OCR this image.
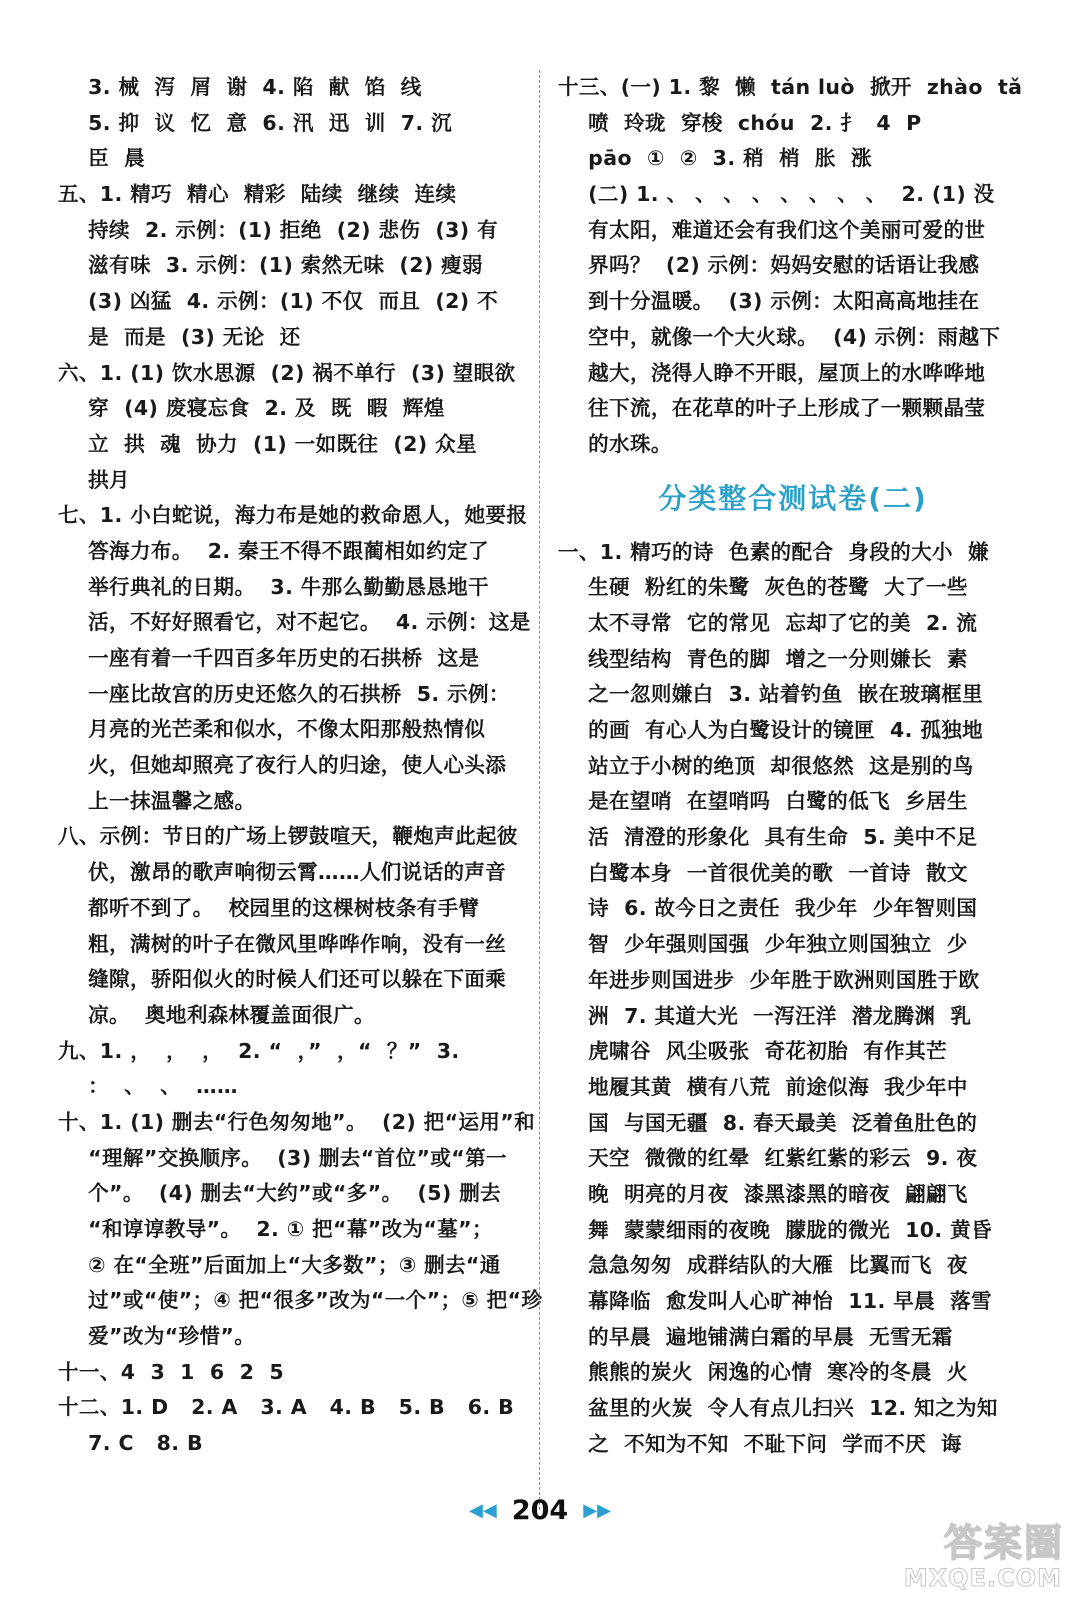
3. 械  泻  屑  谢  4. 陷  献  馅  线
5. 抑  议  忆  意  6. 汛  迅  训  7. 沉
臣  晨
五、1. 精巧  精心  精彩  陆续  继续  连续
持续  2. 示例：(1) 拒绝  (2) 悲伤  (3) 有
滋有味  3. 示例：(1) 索然无味  (2) 瘦弱
(3) 凶猛  4. 示例：(1) 不仅  而且  (2) 不
是  而是  (3) 无论  还
六、1. (1) 饮水思源  (2) 祸不单行  (3) 望眼欲
穿  (4) 废寝忘食  2. 及  既  暇  辉煌
立  拱  魂  协力  (1) 一如既往  (2) 众星
拱月
七、1. 小白蛇说，海力布是她的救命恩人，她要报
答海力布。  2. 秦王不得不跟蔺相如约定了
举行典礼的日期。  3. 牛那么勤勤恳恳地干
活，不好好照看它，对不起它。  4. 示例：这是
一座有着一千四百多年历史的石拱桥  这是
一座比故宫的历史还悠久的石拱桥  5. 示例：
月亮的光芒柔和似水，不像太阳那般热情似
火，但她却照亮了夜行人的归途，使人心头添
上一抹温馨之感。
八、示例：节日的广场上锣鼓喧天，鞭炮声此起彼
伏，激昂的歌声响彻云霄……人们说话的声音
都听不到了。  校园里的这棵树枝条有手臂
粗，满树的叶子在微风里哗哗作响，没有一丝
缝隙，骄阳似火的时候人们还可以躲在下面乘
凉。  奥地利森林覆盖面很广。
九、1. ，  ，  ，  2. “  ，”  ，“  ？”  3.
：  、  、  ……
十、1. (1) 删去“行色匆匆地”。  (2) 把“运用”和
“理解”交换顺序。  (3) 删去“首位”或“第一
个”。  (4) 删去“大约”或“多”。  (5) 删去
“和谆谆教导”。  2. ① 把“幕”改为“墓”；
② 在“全班”后面加上“大多数”；③ 删去“通
过”或“使”；④ 把“很多”改为“一个”；⑤ 把“珍
爱”改为“珍惜”。
十一、4  3  1  6  2  5
十二、1. D   2. A   3. A   4. B   5. B   6. B
7. C   8. B
十三、(一) 1. 黎  懒  tán luò  掀开  zhào  tǎ
喷  玲珑  穿梭  chóu  2. 扌  4  P
pāo  ①  ②  3. 稍  梢  胀  涨
(二) 1. 、 、 、 、 、 、 、 、  2. (1) 没
有太阳，难道还会有我们这个美丽可爱的世
界吗？  (2) 示例：妈妈安慰的话语让我感
到十分温暖。  (3) 示例：太阳高高地挂在
空中，就像一个大火球。  (4) 示例：雨越下
越大，浇得人睁不开眼，屋顶上的水哗哗地
往下流，在花草的叶子上形成了一颗颗晶莹
的水珠。
分类整合测试卷(二)
一、1. 精巧的诗  色素的配合  身段的大小  嫌
生硬  粉红的朱鹭  灰色的苍鹭  大了一些
太不寻常  它的常见  忘却了它的美  2. 流
线型结构  青色的脚  增之一分则嫌长  素
之一忽则嫌白  3. 站着钓鱼  嵌在玻璃框里
的画  有心人为白鹭设计的镜匣  4. 孤独地
站立于小树的绝顶  却很悠然  这是别的鸟
是在望哨  在望哨吗  白鹭的低飞  乡居生
活  清澄的形象化  具有生命  5. 美中不足
白鹭本身  一首很优美的歌  一首诗  散文
诗  6. 故今日之责任  我少年  少年智则国
智  少年强则国强  少年独立则国独立  少
年进步则国进步  少年胜于欧洲则国胜于欧
洲  7. 其道大光  一泻汪洋  潜龙腾渊  乳
虎啸谷  风尘吸张  奇花初胎  有作其芒
地履其黄  横有八荒  前途似海  我少年中
国  与国无疆  8. 春天最美  泛着鱼肚色的
天空  微微的红晕  红紫红紫的彩云  9. 夜
晚  明亮的月夜  漆黑漆黑的暗夜  翩翩飞
舞  蒙蒙细雨的夜晚  朦胧的微光  10. 黄昏
急急匆匆  成群结队的大雁  比翼而飞  夜
幕降临  愈发叫人心旷神怡  11. 早晨  落雪
的早晨  遍地铺满白霜的早晨  无雪无霜
熊熊的炭火  闲逸的心情  寒冷的冬晨  火
盆里的火炭  令人有点儿扫兴  12. 知之为知
之  不知为不知  不耻下问  学而不厌  诲
◀◀ 204 ▶▶
答案圈
MXQE.COM
